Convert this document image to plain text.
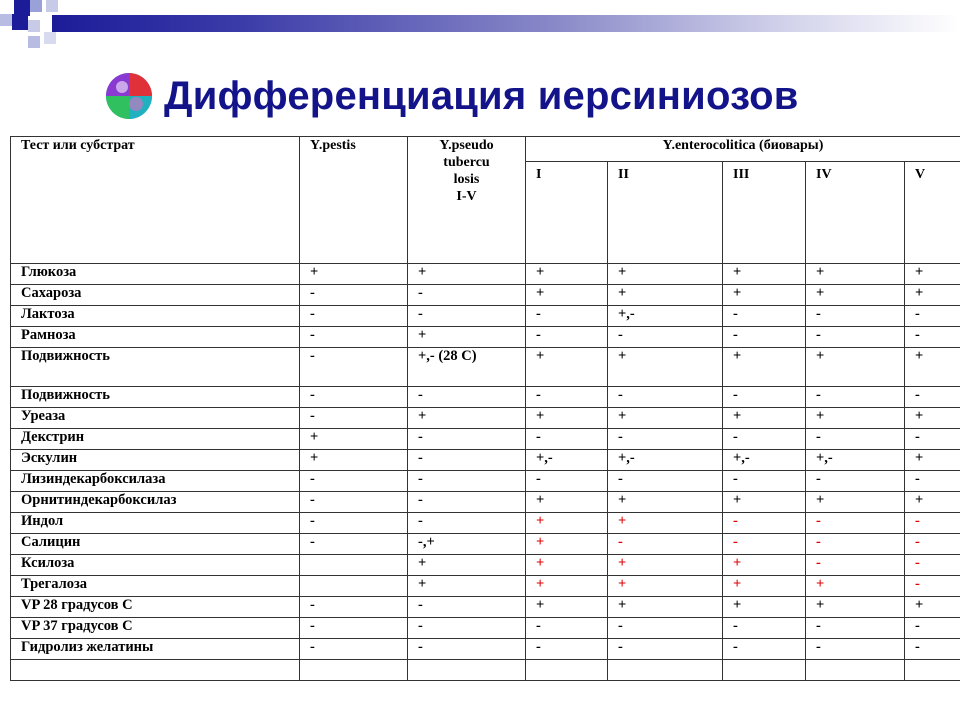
Дифференциация иерсиниозов
Тест или субстрат	Y.pestis	Y.pseudo
tubercu
losis
I-V	Y.enterocolitica (биовары)				
			I	II	III	IV	V
Глюкоза	+	+	+	+	+	+	+
Сахароза	-	-	+	+	+	+	+
Лактоза	-	-	-	+,-	-	-	-
Рамноза	-	+	-	-	-	-	-
Подвижность	-	+,- (28 C)	+	+	+	+	+
Подвижность	-	-	-	-	-	-	-
Уреаза	-	+	+	+	+	+	+
Декстрин	+	-	-	-	-	-	-
Эскулин	+	-	+,-	+,-	+,-	+,-	+
Лизиндекарбоксилаза	-	-	-	-	-	-	-
Орнитиндекарбоксилаз	-	-	+	+	+	+	+
Индол	-	-	+	+	-	-	-
Салицин	-	-,+	+	-	-	-	-
Ксилоза		+	+	+	+	-	-
Трегалоза		+	+	+	+	+	-
VP 28 градусов С	-	-	+	+	+	+	+
VP 37 градусов С	-	-	-	-	-	-	-
Гидролиз желатины	-	-	-	-	-	-	-
